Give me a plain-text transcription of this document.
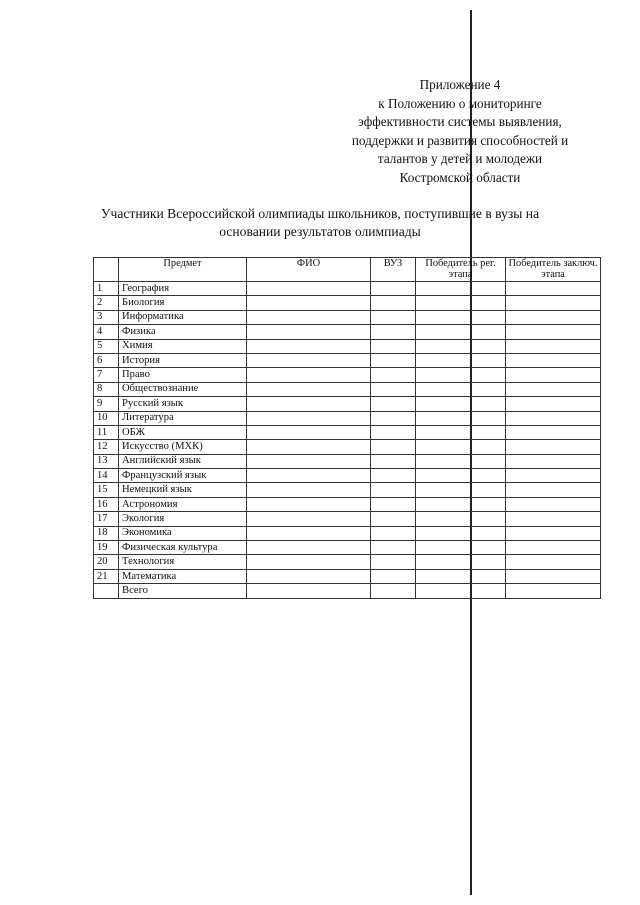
Приложение 4
к Положению о мониторинге
эффективности системы выявления,
поддержки и развития способностей и
талантов у детей и молодежи
Костромской области
Участники Всероссийской олимпиады школьников, поступившие в вузы на
основании результатов олимпиады
	Предмет	ФИО	ВУЗ	Победитель рег. этапа	Победитель заключ. этапа
1	География				
2	Биология				
3	Информатика				
4	Физика				
5	Химия				
6	История				
7	Право				
8	Обществознание				
9	Русский язык				
10	Литература				
11	ОБЖ				
12	Искусство (МХК)				
13	Английский язык				
14	Французский язык				
15	Немецкий язык				
16	Астрономия				
17	Экология				
18	Экономика				
19	Физическая культура				
20	Технология				
21	Математика				
	Всего				
